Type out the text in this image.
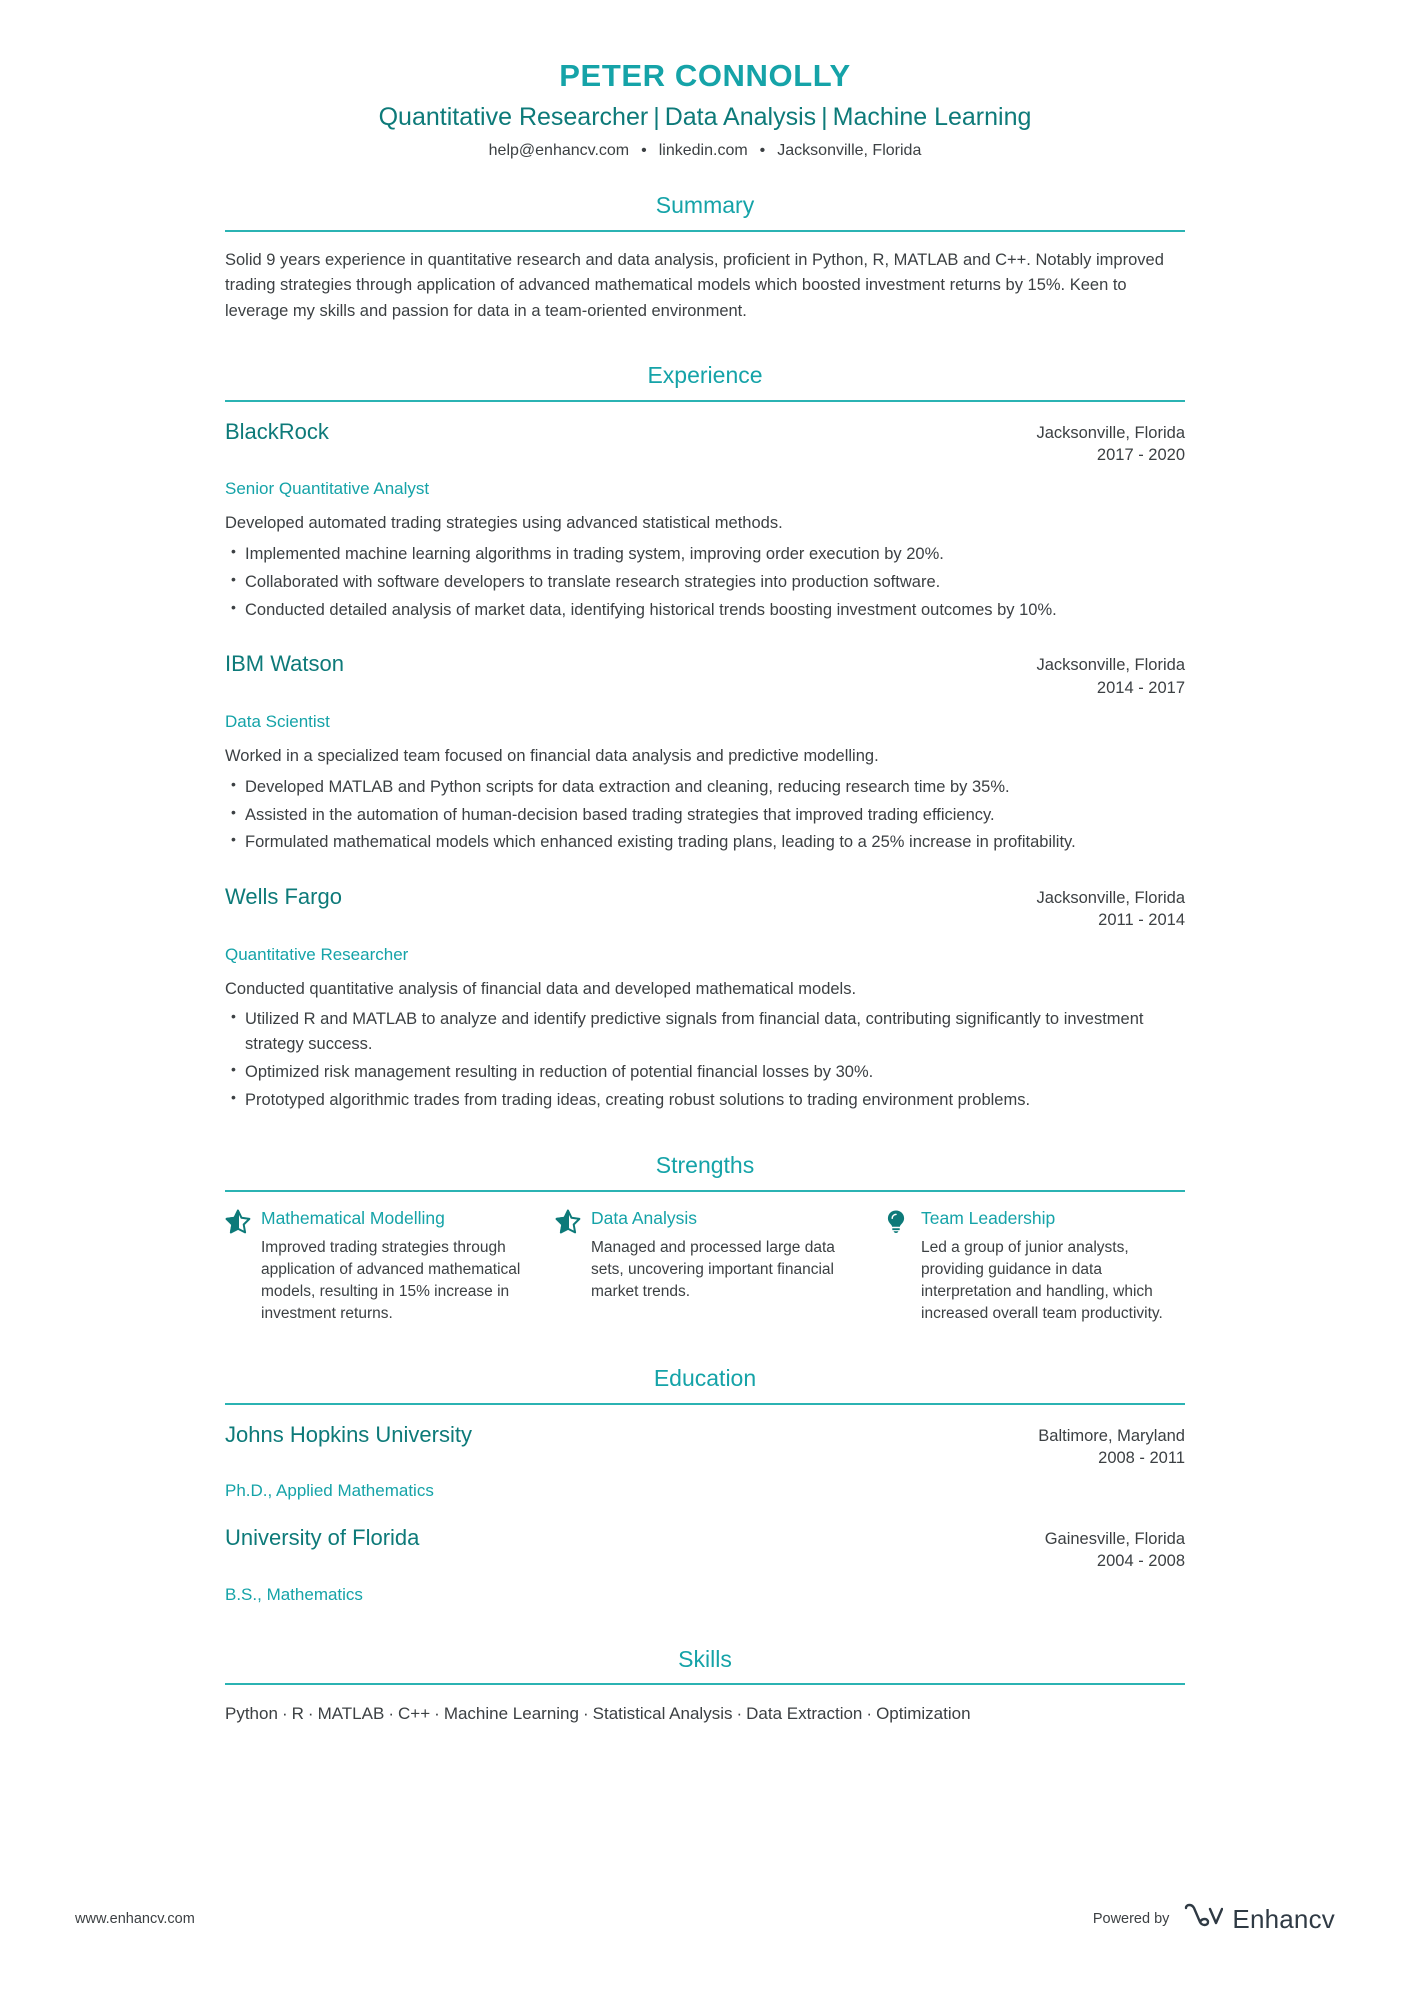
PETER CONNOLLY
Quantitative Researcher | Data Analysis | Machine Learning
help@enhancv.com • linkedin.com • Jacksonville, Florida
Summary
Solid 9 years experience in quantitative research and data analysis, proficient in Python, R, MATLAB and C++. Notably improved trading strategies through application of advanced mathematical models which boosted investment returns by 15%. Keen to leverage my skills and passion for data in a team-oriented environment.
Experience
BlackRock	Jacksonville, Florida
2017 - 2020
Senior Quantitative Analyst
Developed automated trading strategies using advanced statistical methods.
• Implemented machine learning algorithms in trading system, improving order execution by 20%.
• Collaborated with software developers to translate research strategies into production software.
• Conducted detailed analysis of market data, identifying historical trends boosting investment outcomes by 10%.
IBM Watson	Jacksonville, Florida
2014 - 2017
Data Scientist
Worked in a specialized team focused on financial data analysis and predictive modelling.
• Developed MATLAB and Python scripts for data extraction and cleaning, reducing research time by 35%.
• Assisted in the automation of human-decision based trading strategies that improved trading efficiency.
• Formulated mathematical models which enhanced existing trading plans, leading to a 25% increase in profitability.
Wells Fargo	Jacksonville, Florida
2011 - 2014
Quantitative Researcher
Conducted quantitative analysis of financial data and developed mathematical models.
• Utilized R and MATLAB to analyze and identify predictive signals from financial data, contributing significantly to investment strategy success.
• Optimized risk management resulting in reduction of potential financial losses by 30%.
• Prototyped algorithmic trades from trading ideas, creating robust solutions to trading environment problems.
Strengths
Mathematical Modelling
Improved trading strategies through application of advanced mathematical models, resulting in 15% increase in investment returns.
Data Analysis
Managed and processed large data sets, uncovering important financial market trends.
Team Leadership
Led a group of junior analysts, providing guidance in data interpretation and handling, which increased overall team productivity.
Education
Johns Hopkins University	Baltimore, Maryland
2008 - 2011
Ph.D., Applied Mathematics
University of Florida	Gainesville, Florida
2004 - 2008
B.S., Mathematics
Skills
Python · R · MATLAB · C++ · Machine Learning · Statistical Analysis · Data Extraction · Optimization
www.enhancv.com	Powered by Enhancv
